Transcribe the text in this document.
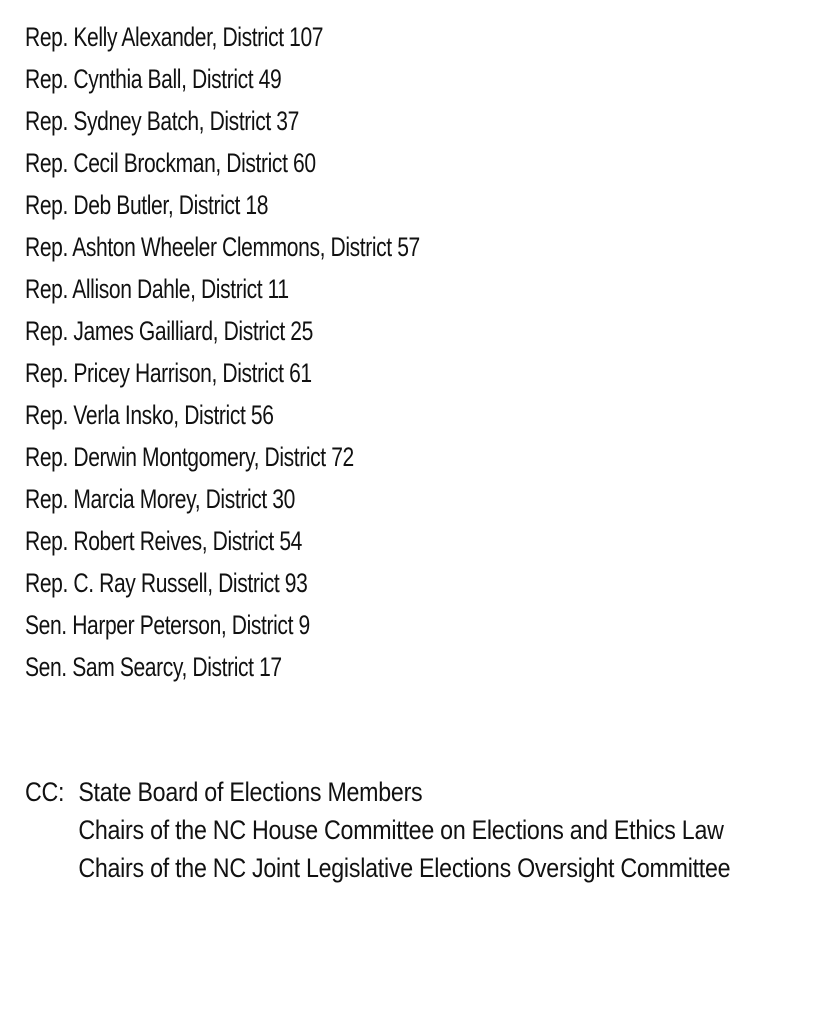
Rep. Kelly Alexander, District 107
Rep. Cynthia Ball, District 49
Rep. Sydney Batch, District 37
Rep. Cecil Brockman, District 60
Rep. Deb Butler, District 18
Rep. Ashton Wheeler Clemmons, District 57
Rep. Allison Dahle, District 11
Rep. James Gailliard, District 25
Rep. Pricey Harrison, District 61
Rep. Verla Insko, District 56
Rep. Derwin Montgomery, District 72
Rep. Marcia Morey, District 30
Rep. Robert Reives, District 54
Rep. C. Ray Russell, District 93
Sen. Harper Peterson, District 9
Sen. Sam Searcy, District 17
CC: State Board of Elections Members
Chairs of the NC House Committee on Elections and Ethics Law
Chairs of the NC Joint Legislative Elections Oversight Committee
